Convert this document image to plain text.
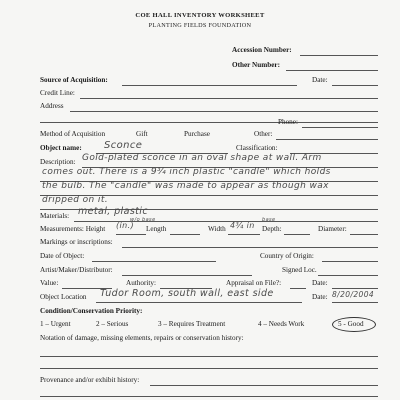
COE HALL INVENTORY WORKSHEET
PLANTING FIELDS FOUNDATION
Accession Number:
Other Number:
Source of Acquisition:	Date:
Credit Line:
Address
Phone:
Method of Acquisition	Gift	Purchase	Other:
Object name: Sconce	Classification:
Description: Gold-plated sconce in an oval shape at wall. Arm
comes out. There is a 9¾ inch plastic "candle" which holds
the bulb. The "candle" was made to appear as though wax
dripped on it.
Materials: metal, plastic
Measurements: Height (in.)
w/o base
Length	Width 4¾ in
base
Depth:	Diameter:
Markings or inscriptions:
Date of Object:	Country of Origin:
Artist/Maker/Distributor:	Signed Loc.
Value:	Authority:	Appraisal on File?:	Date:
Object Location Tudor Room, south wall, east side	Date: 8/20/2004
Condition/Conservation Priority:
1 – Urgent	2 – Serious	3 – Requires Treatment	4 – Needs Work	5 - Good
Notation of damage, missing elements, repairs or conservation history:
Provenance and/or exhibit history:
